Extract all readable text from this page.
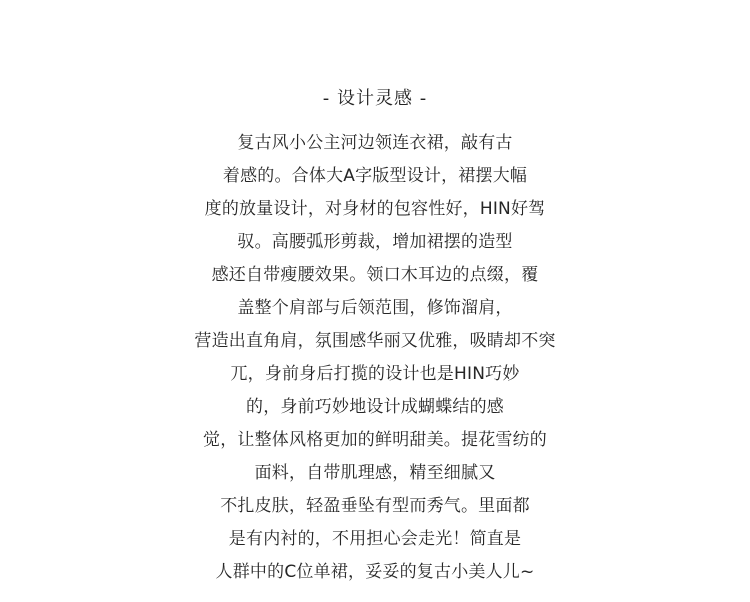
- 设计灵感 -
复古风小公主河边领连衣裙，敲有古
着感的。合体大A字版型设计，裙摆大幅
度的放量设计，对身材的包容性好，HIN好驾
驭。高腰弧形剪裁，增加裙摆的造型
感还自带瘦腰效果。领口木耳边的点缀，覆
盖整个肩部与后领范围，修饰溜肩，
营造出直角肩，氛围感华丽又优雅，吸睛却不突
兀，身前身后打揽的设计也是HIN巧妙
的，身前巧妙地设计成蝴蝶结的感
觉，让整体风格更加的鲜明甜美。提花雪纺的
面料，自带肌理感，精至细腻又
不扎皮肤，轻盈垂坠有型而秀气。里面都
是有内衬的，不用担心会走光！简直是
人群中的C位单裙，妥妥的复古小美人儿~
